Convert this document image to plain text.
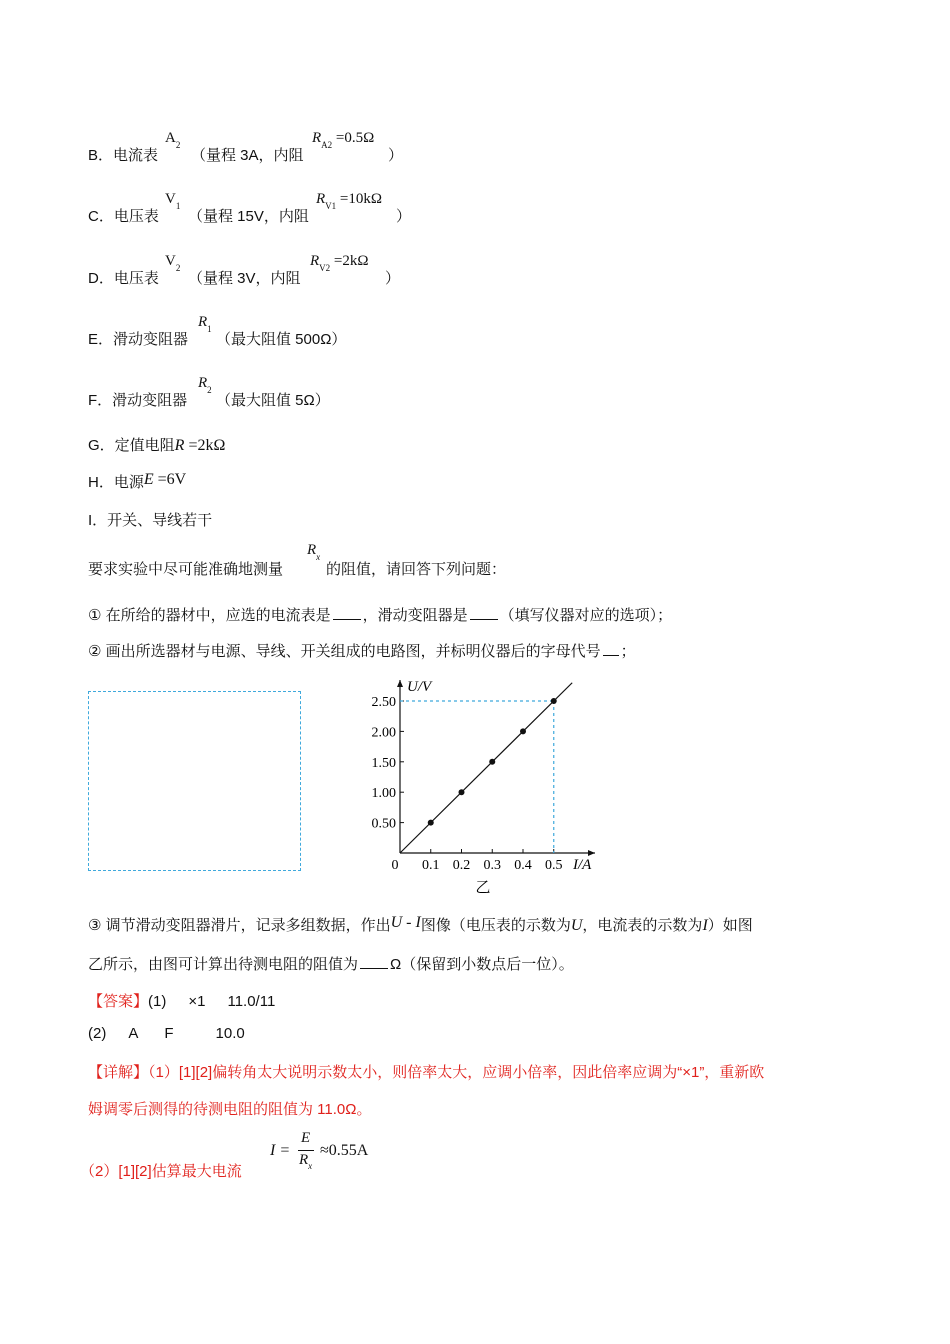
B．电流表
$A_2$
（量程 3A，内阻
$R_{A2} =0.5\Omega$
）
C．电压表
$V_1$
（量程 15V，内阻
$R_{V1} =10k\Omega$
）
D．电压表
$V_2$
（量程 3V，内阻
$R_{V2} =2k\Omega$
）
E．滑动变阻器
$R_1$
（最大阻值 500Ω）
F．滑动变阻器
$R_2$
（最大阻值 5Ω）
G．定值电阻R =2kΩ
H．电源E =6V
I．开关、导线若干
要求实验中尽可能准确地测量
$R_x$
的阻值，请回答下列问题：
① 在所给的器材中，应选的电流表是 ，滑动变阻器是 （填写仪器对应的选项）；
② 画出所选器材与电源、导线、开关组成的电路图，并标明仪器后的字母代号 ；
U/V
I/A
0 0.1 0.2 0.3 0.4 0.5
0.50
1.00
1.50
2.00
2.50
乙
③ 调节滑动变阻器滑片，记录多组数据，作出U - I图像（电压表的示数为U，电流表的示数为I）如图
乙所示，由图可计算出待测电阻的阻值为 Ω（保留到小数点后一位）。
【答案】(1) ×1 11.0/11
(2) A F	10.0
【详解】（1）[1][2]偏转角太大说明示数太小，则倍率太大，应调小倍率，因此倍率应调为“×1”，重新欧
姆调零后测得的待测电阻的阻值为 11.0Ω。
（2）[1][2]估算最大电流
I =
E
$R_x$
≈0.55A
